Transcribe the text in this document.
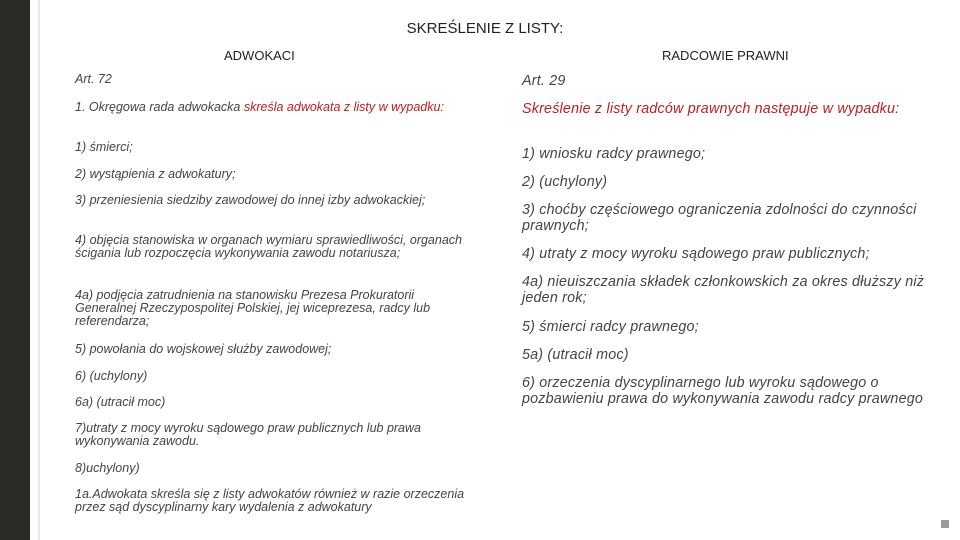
SKREŚLENIE Z LISTY:
ADWOKACI	RADCOWIE PRAWNI

Art. 72

1. Okręgowa rada adwokacka skreśla adwokata z listy w wypadku:

1) śmierci;

2) wystąpienia z adwokatury;

3) przeniesienia siedziby zawodowej do innej izby adwokackiej;

4) objęcia stanowiska w organach wymiaru sprawiedliwości, organach ścigania lub rozpoczęcia wykonywania zawodu notariusza;

4a) podjęcia zatrudnienia na stanowisku Prezesa Prokuratorii Generalnej Rzeczypospolitej Polskiej, jej wiceprezesa, radcy lub referendarza;

5) powołania do wojskowej służby zawodowej;

6) (uchylony)

6a) (utracił moc)

7)utraty z mocy wyroku sądowego praw publicznych lub prawa wykonywania zawodu.

8)uchylony)

1a.Adwokata skreśla się z listy adwokatów również w razie orzeczenia przez sąd dyscyplinarny kary wydalenia z adwokatury

Art. 29

Skreślenie z listy radców prawnych następuje w wypadku:

1) wniosku radcy prawnego;

2) (uchylony)

3) choćby częściowego ograniczenia zdolności do czynności prawnych;

4) utraty z mocy wyroku sądowego praw publicznych;

4a) nieuiszczania składek członkowskich za okres dłuższy niż jeden rok;

5) śmierci radcy prawnego;

5a) (utracił moc)

6) orzeczenia dyscyplinarnego lub wyroku sądowego o pozbawieniu prawa do wykonywania zawodu radcy prawnego
